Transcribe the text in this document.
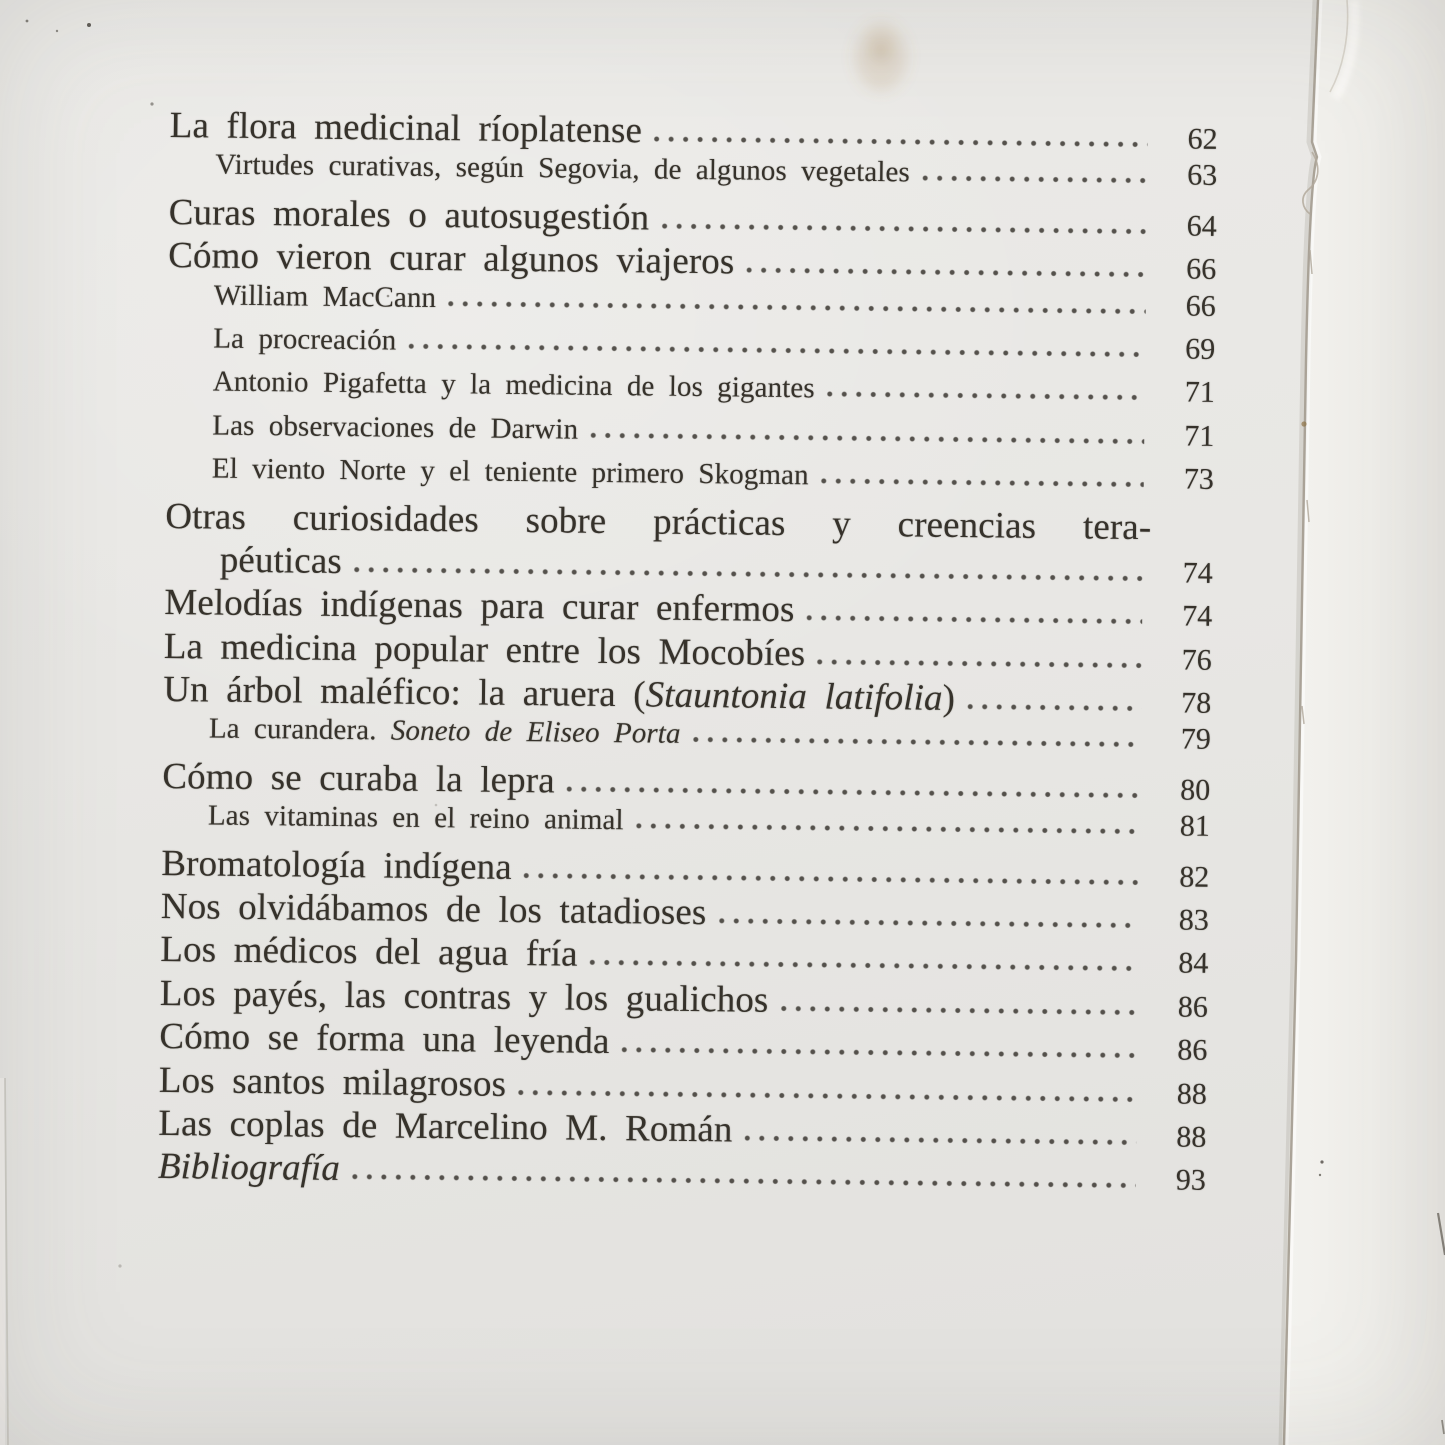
La flora medicinal ríoplatense	62
Virtudes curativas, según Segovia, de algunos vegetales	63
Curas morales o autosugestión	64
Cómo vieron curar algunos viajeros	66
William MacCann	66
La procreación	69
Antonio Pigafetta y la medicina de los gigantes	71
Las observaciones de Darwin	71
El viento Norte y el teniente primero Skogman	73
Otras curiosidades sobre prácticas y creencias tera-
péuticas	74
Melodías indígenas para curar enfermos	74
La medicina popular entre los Mocobíes	76
Un árbol maléfico: la aruera (Stauntonia latifolia)	78
La curandera. Soneto de Eliseo Porta	79
Cómo se curaba la lepra	80
Las vitaminas en el reino animal	81
Bromatología indígena	82
Nos olvidábamos de los tatadioses	83
Los médicos del agua fría	84
Los payés, las contras y los gualichos	86
Cómo se forma una leyenda	86
Los santos milagrosos	88
Las coplas de Marcelino M. Román	88
Bibliografía	93
